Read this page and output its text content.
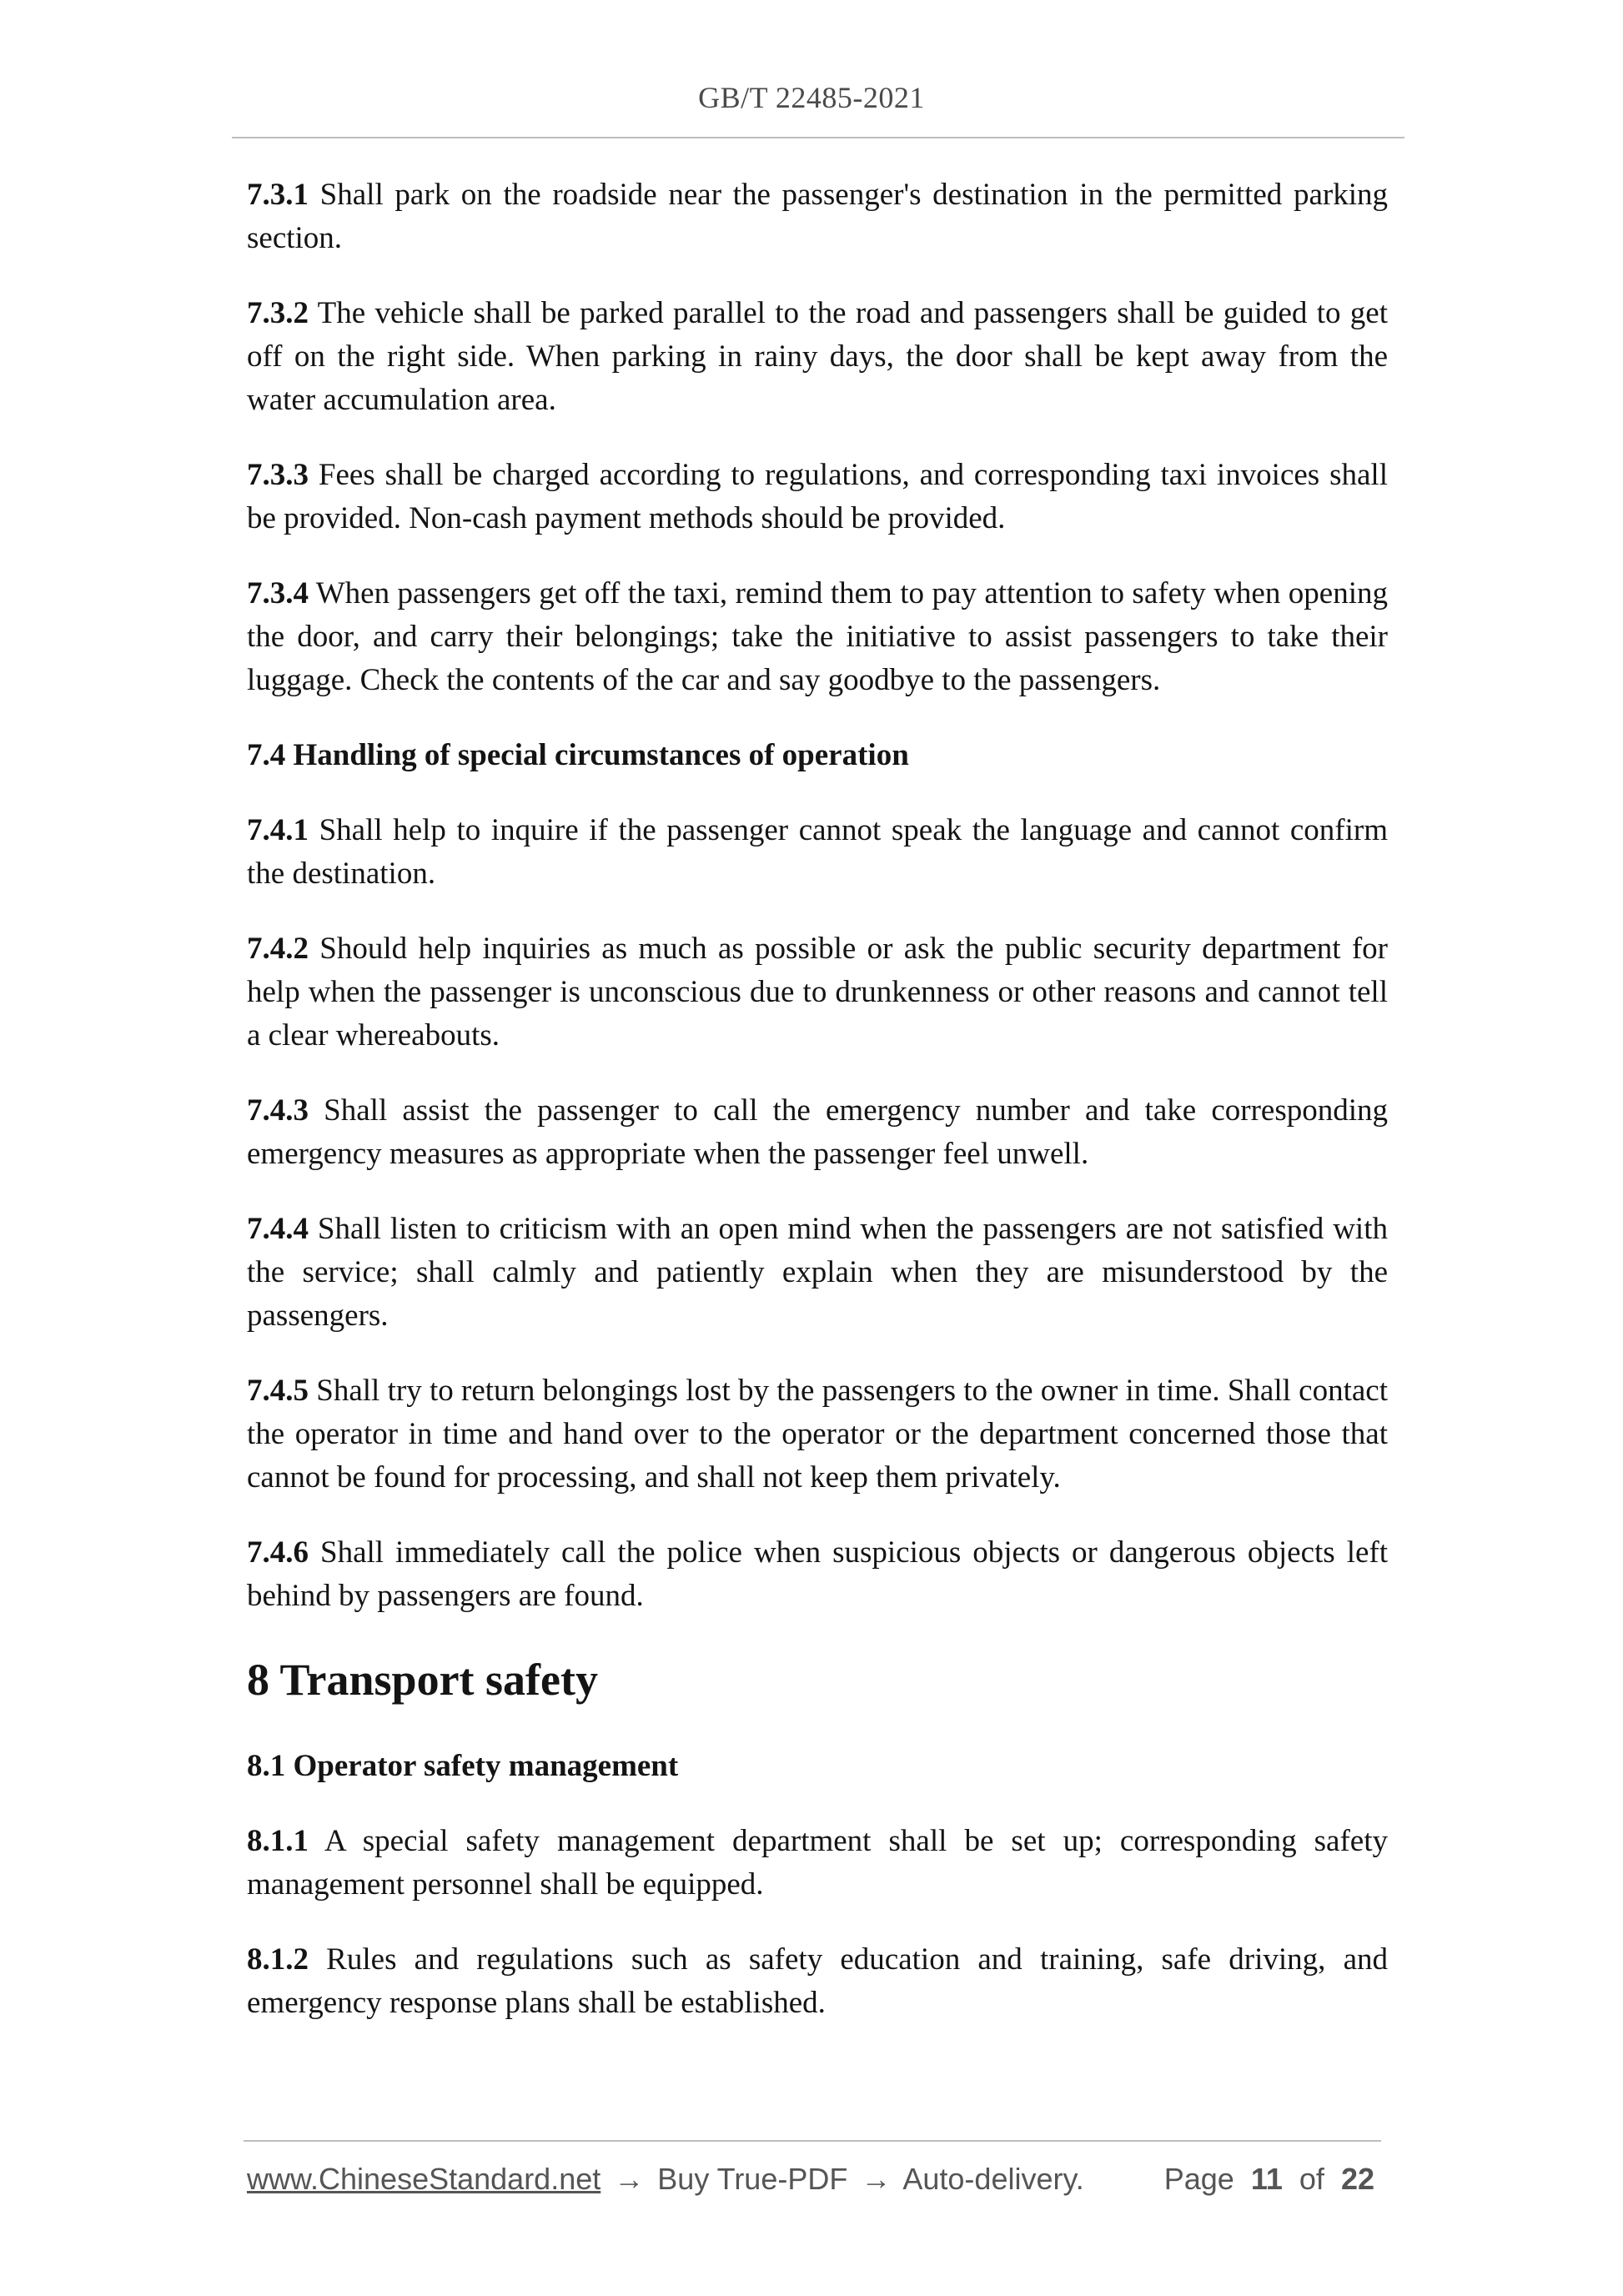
GB/T 22485-2021

7.3.1 Shall park on the roadside near the passenger's destination in the permitted parking section.

7.3.2 The vehicle shall be parked parallel to the road and passengers shall be guided to get off on the right side. When parking in rainy days, the door shall be kept away from the water accumulation area.

7.3.3 Fees shall be charged according to regulations, and corresponding taxi invoices shall be provided. Non-cash payment methods should be provided.

7.3.4 When passengers get off the taxi, remind them to pay attention to safety when opening the door, and carry their belongings; take the initiative to assist passengers to take their luggage. Check the contents of the car and say goodbye to the passengers.

7.4 Handling of special circumstances of operation

7.4.1 Shall help to inquire if the passenger cannot speak the language and cannot confirm the destination.

7.4.2 Should help inquiries as much as possible or ask the public security department for help when the passenger is unconscious due to drunkenness or other reasons and cannot tell a clear whereabouts.

7.4.3 Shall assist the passenger to call the emergency number and take corresponding emergency measures as appropriate when the passenger feel unwell.

7.4.4 Shall listen to criticism with an open mind when the passengers are not satisfied with the service; shall calmly and patiently explain when they are misunderstood by the passengers.

7.4.5 Shall try to return belongings lost by the passengers to the owner in time. Shall contact the operator in time and hand over to the operator or the department concerned those that cannot be found for processing, and shall not keep them privately.

7.4.6 Shall immediately call the police when suspicious objects or dangerous objects left behind by passengers are found.

8 Transport safety

8.1 Operator safety management

8.1.1 A special safety management department shall be set up; corresponding safety management personnel shall be equipped.

8.1.2 Rules and regulations such as safety education and training, safe driving, and emergency response plans shall be established.

www.ChineseStandard.net → Buy True-PDF → Auto-delivery.	Page 11 of 22
